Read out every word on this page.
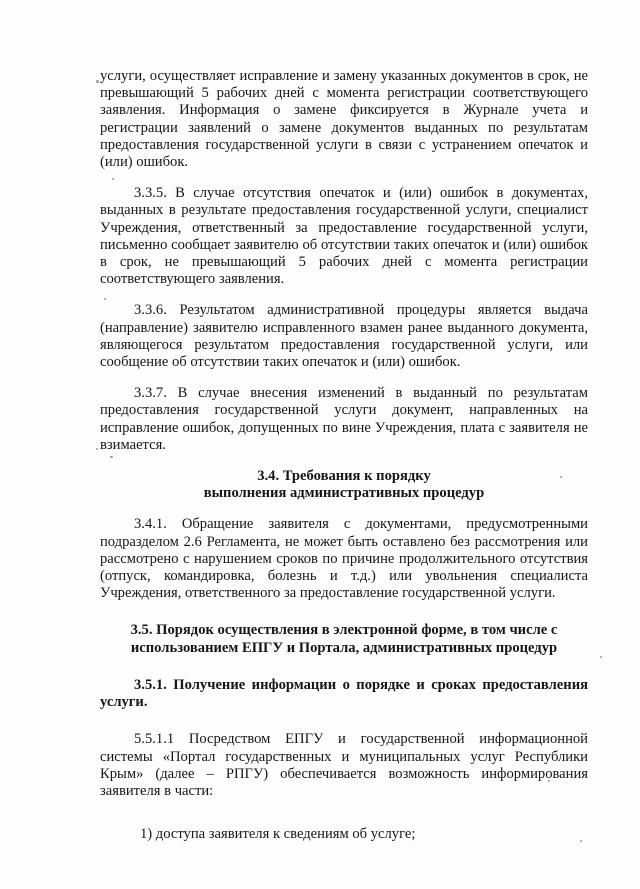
услуги, осуществляет исправление и замену указанных документов в срок, не превышающий 5 рабочих дней с момента регистрации соответствующего заявления. Информация о замене фиксируется в Журнале учета и регистрации заявлений о замене документов выданных по результатам предоставления государственной услуги в связи с устранением опечаток и (или) ошибок.

3.3.5. В случае отсутствия опечаток и (или) ошибок в документах, выданных в результате предоставления государственной услуги, специалист Учреждения, ответственный за предоставление государственной услуги, письменно сообщает заявителю об отсутствии таких опечаток и (или) ошибок в срок, не превышающий 5 рабочих дней с момента регистрации соответствующего заявления.

3.3.6. Результатом административной процедуры является выдача (направление) заявителю исправленного взамен ранее выданного документа, являющегося результатом предоставления государственной услуги, или сообщение об отсутствии таких опечаток и (или) ошибок.

3.3.7. В случае внесения изменений в выданный по результатам предоставления государственной услуги документ, направленных на исправление ошибок, допущенных по вине Учреждения, плата с заявителя не взимается.

3.4. Требования к порядку

выполнения административных процедур

3.4.1. Обращение заявителя с документами, предусмотренными подразделом 2.6 Регламента, не может быть оставлено без рассмотрения или рассмотрено с нарушением сроков по причине продолжительного отсутствия (отпуск, командировка, болезнь и т.д.) или увольнения специалиста Учреждения, ответственного за предоставление государственной услуги.

3.5. Порядок осуществления в электронной форме, в том числе с

использованием ЕПГУ и Портала, административных процедур

3.5.1. Получение информации о порядке и сроках предоставления услуги.

5.5.1.1 Посредством ЕПГУ и государственной информационной системы «Портал государственных и муниципальных услуг Республики Крым» (далее – РПГУ) обеспечивается возможность информирования заявителя в части:

1) доступа заявителя к сведениям об услуге;
